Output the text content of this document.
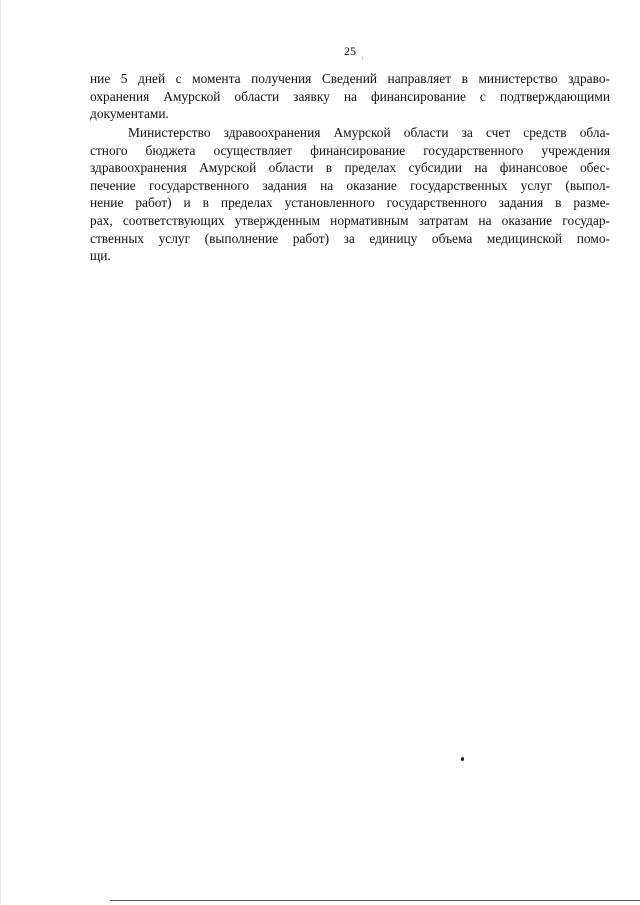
25
ние 5 дней с момента получения Сведений направляет в министерство здраво-
охранения Амурской области заявку на финансирование с подтверждающими
документами.
Министерство здравоохранения Амурской области за счет средств обла-
стного бюджета осуществляет финансирование государственного учреждения
здравоохранения Амурской области в пределах субсидии на финансовое обес-
печение государственного задания на оказание государственных услуг (выпол-
нение работ) и в пределах установленного государственного задания в разме-
рах, соответствующих утвержденным нормативным затратам на оказание государ-
ственных услуг (выполнение работ) за единицу объема медицинской помо-
щи.
